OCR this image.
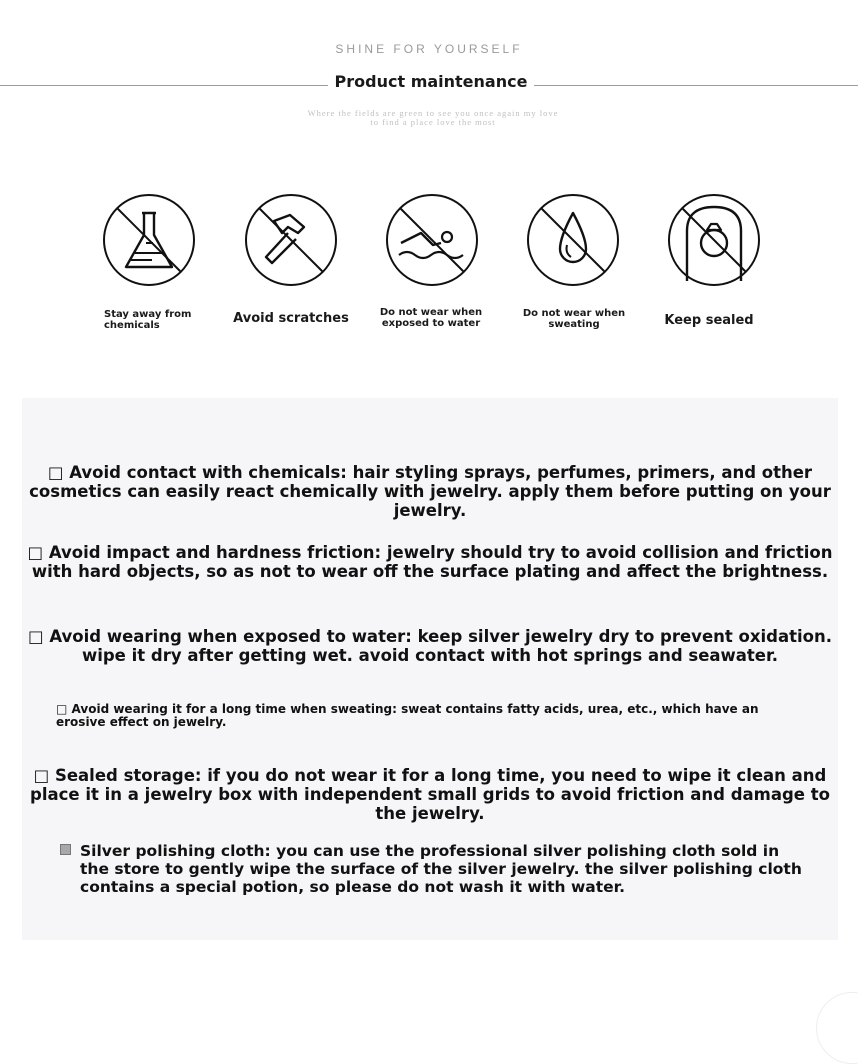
SHINE FOR YOURSELF
Product maintenance
Where the fields are green to see you once again my love
to find a place love the most
Stay away from chemicals	Avoid scratches	Do not wear when exposed to water
Do not wear when sweating	Keep sealed
□ Avoid contact with chemicals: hair styling sprays, perfumes, primers, and other cosmetics can easily react chemically with jewelry. apply them before putting on your jewelry.
□ Avoid impact and hardness friction: jewelry should try to avoid collision and friction with hard objects, so as not to wear off the surface plating and affect the brightness.
□ Avoid wearing when exposed to water: keep silver jewelry dry to prevent oxidation. wipe it dry after getting wet. avoid contact with hot springs and seawater.
□ Avoid wearing it for a long time when sweating: sweat contains fatty acids, urea, etc., which have an erosive effect on jewelry.
□ Sealed storage: if you do not wear it for a long time, you need to wipe it clean and place it in a jewelry box with independent small grids to avoid friction and damage to the jewelry.
Silver polishing cloth: you can use the professional silver polishing cloth sold in the store to gently wipe the surface of the silver jewelry. the silver polishing cloth contains a special potion, so please do not wash it with water.
